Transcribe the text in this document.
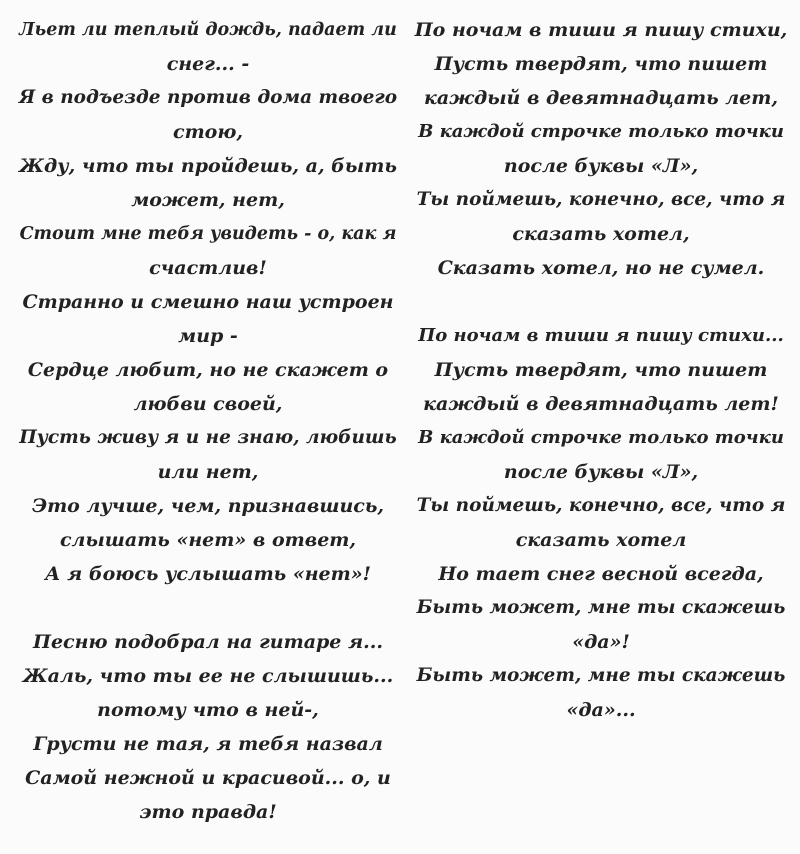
Льет ли теплый дождь, падает ли
снег... -
Я в подъезде против дома твоего
стою,
Жду, что ты пройдешь, а, быть
может, нет,
Стоит мне тебя увидеть - о, как я
счастлив!
Странно и смешно наш устроен
мир -
Сердце любит, но не скажет о
любви своей,
Пусть живу я и не знаю, любишь
или нет,
Это лучше, чем, признавшись,
слышать «нет» в ответ,
А я боюсь услышать «нет»!
Песню подобрал на гитаре я...
Жаль, что ты ее не слышишь...
потому что в ней-,
Грусти не тая, я тебя назвал
Самой нежной и красивой... о, и
это правда!
По ночам в тиши я пишу стихи,
Пусть твердят, что пишет
каждый в девятнадцать лет,
В каждой строчке только точки
после буквы «Л»,
Ты поймешь, конечно, все, что я
сказать хотел,
Сказать хотел, но не сумел.
По ночам в тиши я пишу стихи...
Пусть твердят, что пишет
каждый в девятнадцать лет!
В каждой строчке только точки
после буквы «Л»,
Ты поймешь, конечно, все, что я
сказать хотел
Но тает снег весной всегда,
Быть может, мне ты скажешь
«да»!
Быть может, мне ты скажешь
«да»...
